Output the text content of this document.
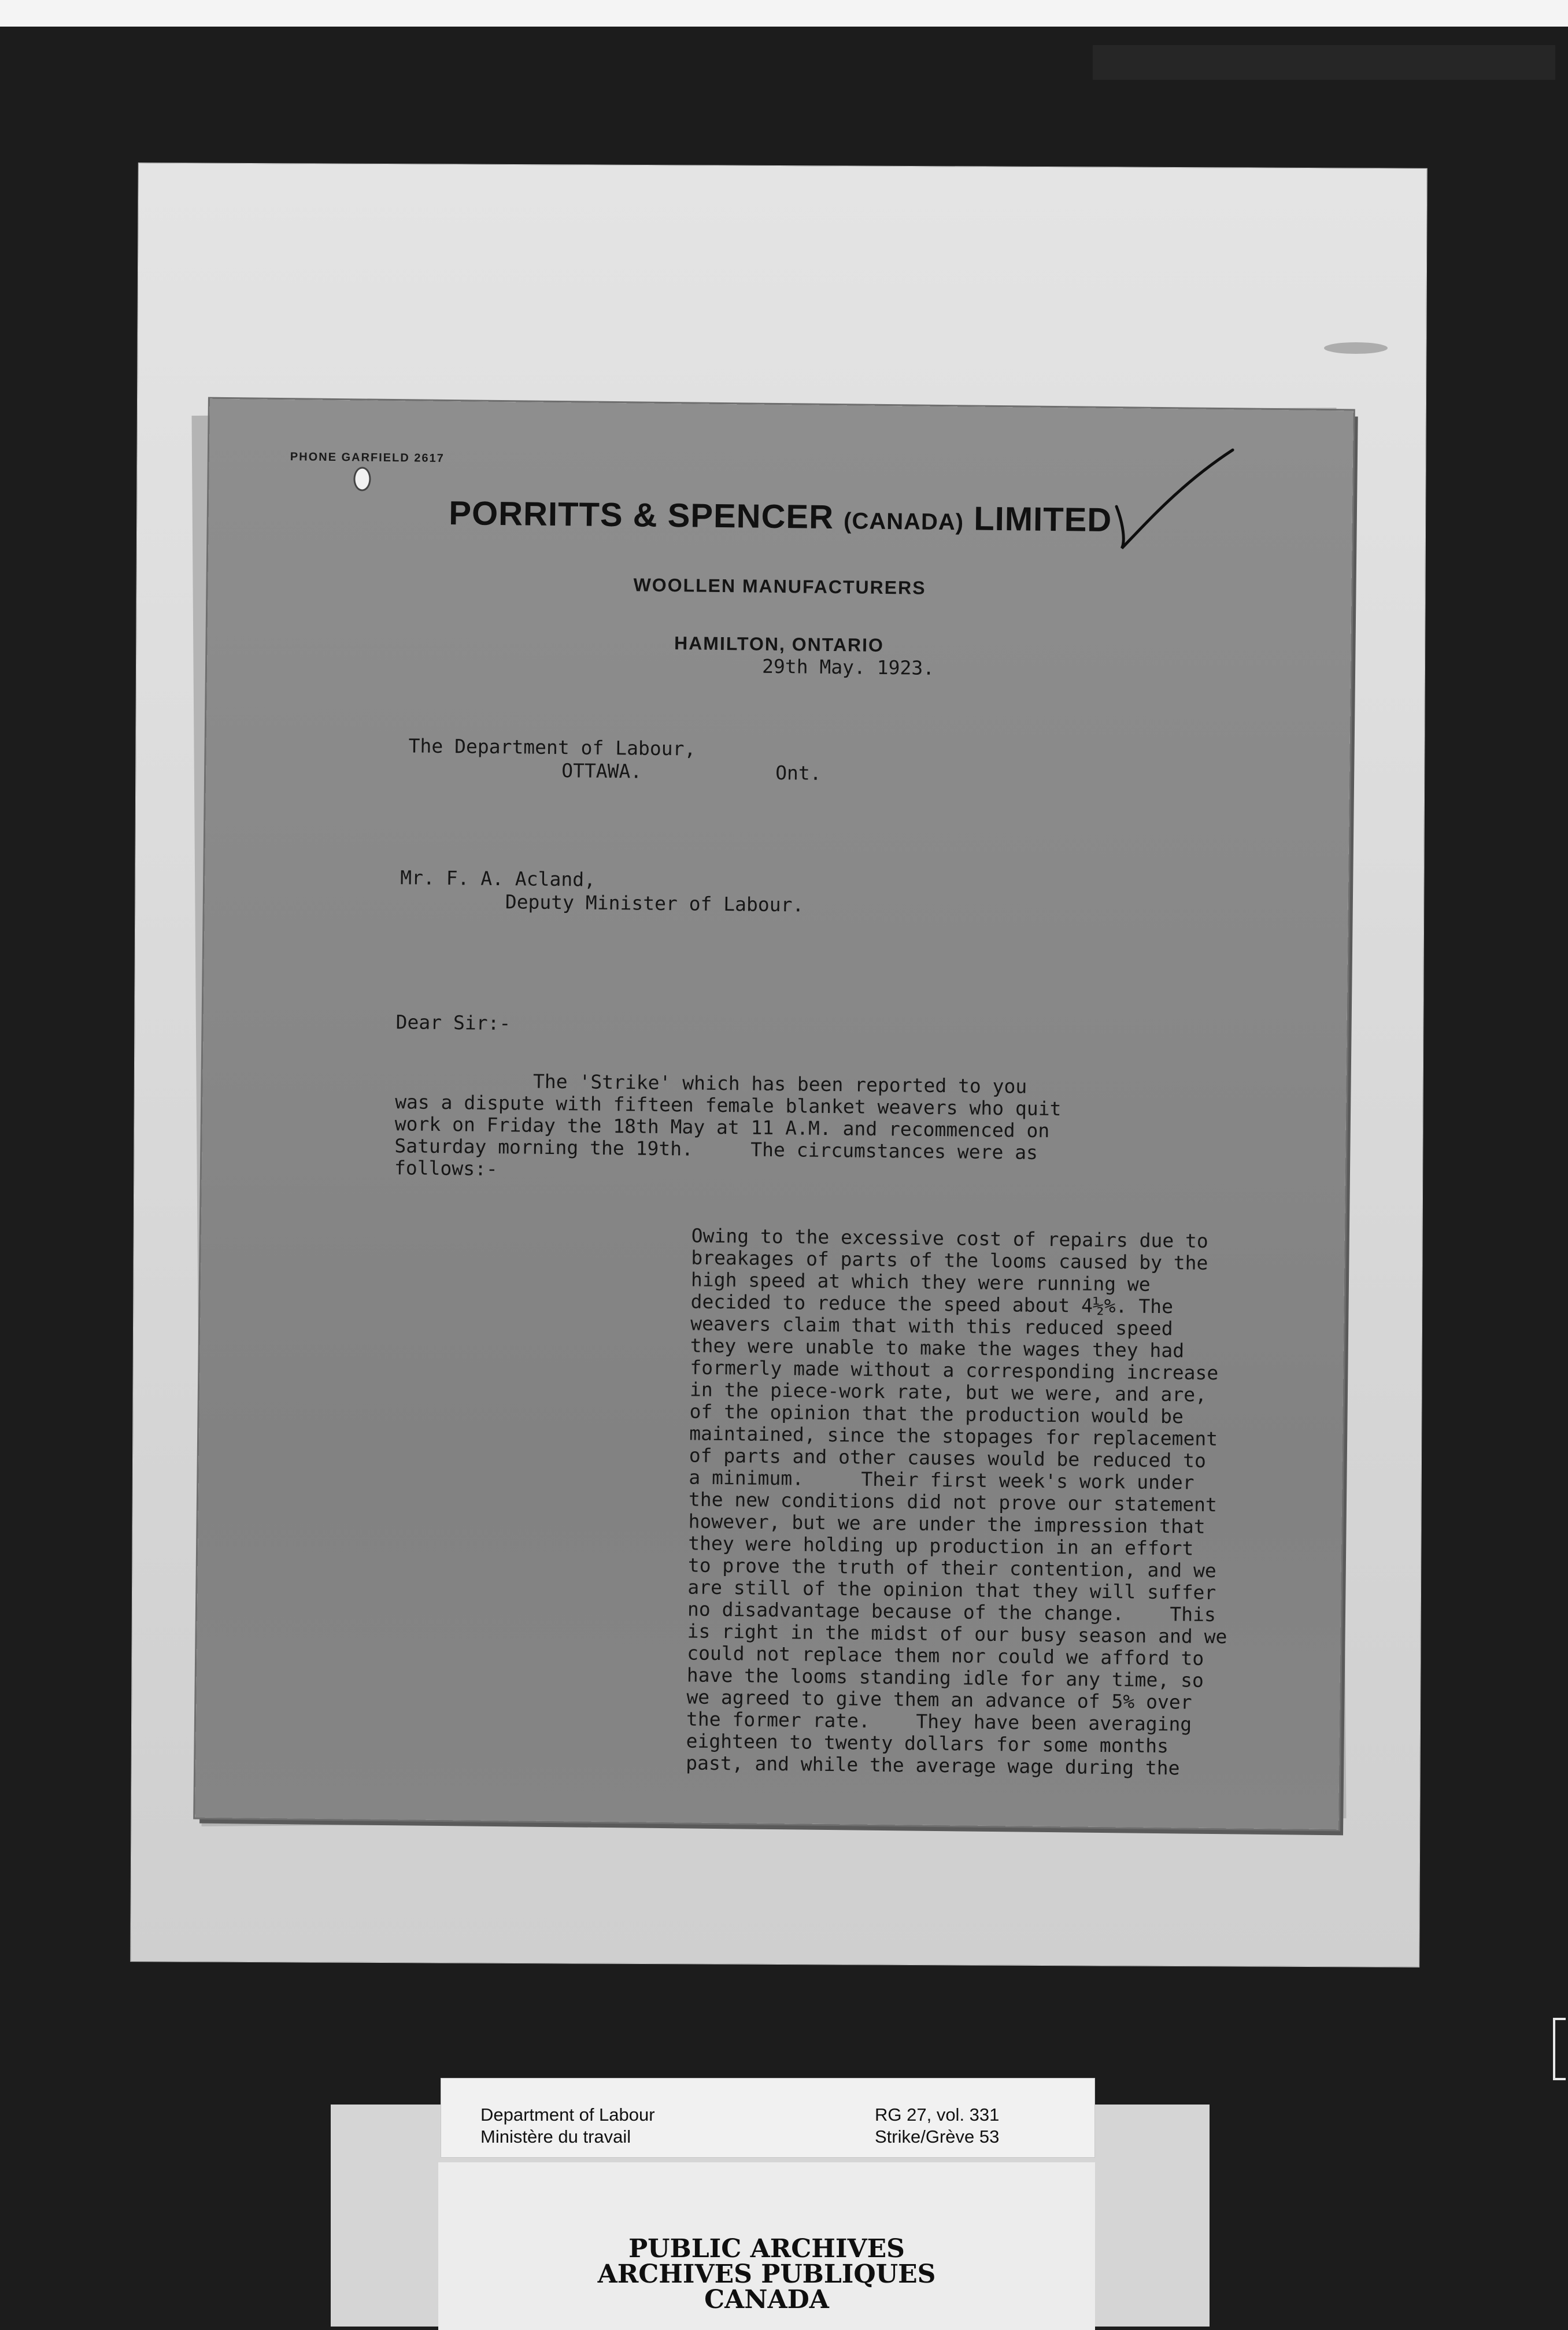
PHONE GARFIELD 2617
PORRITTS & SPENCER (CANADA) LIMITED
WOOLLEN MANUFACTURERS
HAMILTON, ONTARIO
29th May. 1923.
The Department of Labour,
OTTAWA.	Ont.
Mr. F. A. Acland,
Deputy Minister of Labour.
Dear Sir:-
The 'Strike' which has been reported to you
was a dispute with fifteen female blanket weavers who quit
work on Friday the 18th May at 11 A.M. and recommenced on
Saturday morning the 19th.     The circumstances were as
follows:-
Owing to the excessive cost of repairs due to
breakages of parts of the looms caused by the
high speed at which they were running we
decided to reduce the speed about 4½%. The
weavers claim that with this reduced speed
they were unable to make the wages they had
formerly made without a corresponding increase
in the piece-work rate, but we were, and are,
of the opinion that the production would be
maintained, since the stopages for replacement
of parts and other causes would be reduced to
a minimum.     Their first week's work under
the new conditions did not prove our statement
however, but we are under the impression that
they were holding up production in an effort
to prove the truth of their contention, and we
are still of the opinion that they will suffer
no disadvantage because of the change.    This
is right in the midst of our busy season and we
could not replace them nor could we afford to
have the looms standing idle for any time, so
we agreed to give them an advance of 5% over
the former rate.    They have been averaging
eighteen to twenty dollars for some months
past, and while the average wage during the
PUBLIC ARCHIVES
ARCHIVES PUBLIQUES
CANADA
Department of Labour
Ministère du travail
RG 27, vol. 331
Strike/Grève 53
